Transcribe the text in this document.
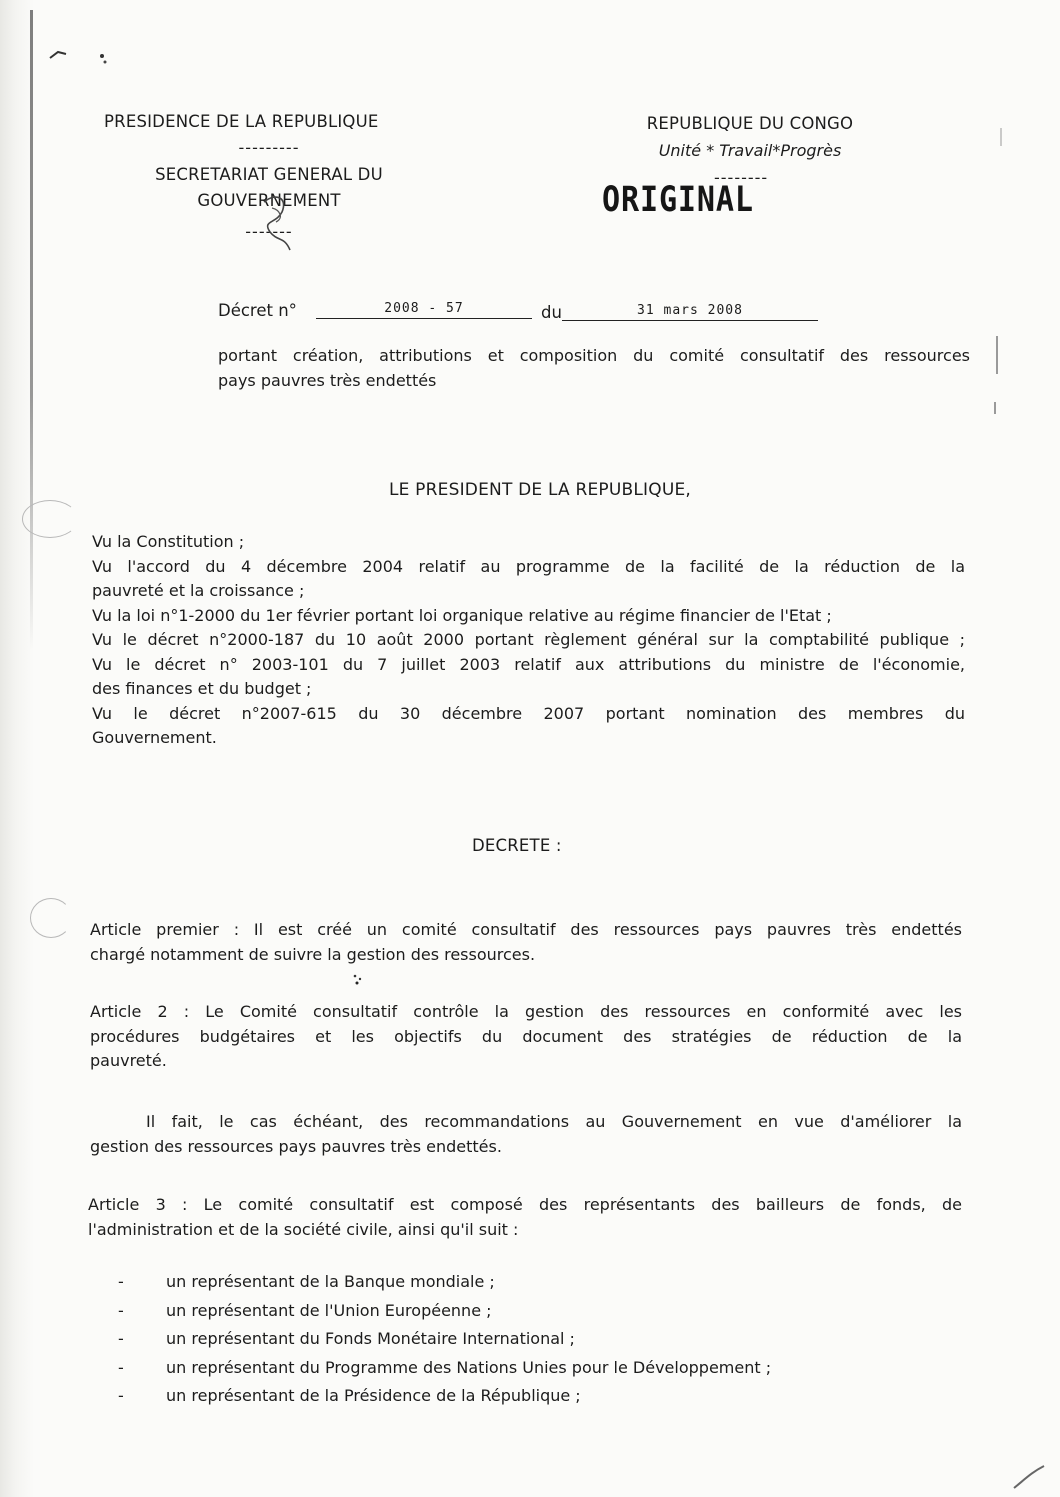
PRESIDENCE DE LA REPUBLIQUE
---------
SECRETARIAT GENERAL DU
GOUVERNEMENT
-------
REPUBLIQUE DU CONGO
Unité * Travail*Progrès
--------
ORIGINAL
Décret n°	2008 - 57	du	31 mars 2008
portant création, attributions et composition du comité consultatif des ressources
pays pauvres très endettés
LE PRESIDENT DE LA REPUBLIQUE,
Vu la Constitution ;
Vu l'accord du 4 décembre 2004 relatif au programme de la facilité de la réduction de la
pauvreté et la croissance ;
Vu la loi n°1-2000 du 1er février portant loi organique relative au régime financier de l'Etat ;
Vu le décret n°2000-187 du 10 août 2000 portant règlement général sur la comptabilité publique ;
Vu le décret n° 2003-101 du 7 juillet 2003 relatif aux attributions du ministre de l'économie,
des finances et du budget ;
Vu le décret n°2007-615 du 30 décembre 2007 portant nomination des membres du
Gouvernement.
DECRETE :
Article premier : Il est créé un comité consultatif des ressources pays pauvres très endettés
chargé notamment de suivre la gestion des ressources.
Article 2 : Le Comité consultatif contrôle la gestion des ressources en conformité avec les
procédures budgétaires et les objectifs du document des stratégies de réduction de la
pauvreté.
Il fait, le cas échéant, des recommandations au Gouvernement en vue d'améliorer la
gestion des ressources pays pauvres très endettés.
Article 3 : Le comité consultatif est composé des représentants des bailleurs de fonds, de
l'administration et de la société civile, ainsi qu'il suit :
-	un représentant de la Banque mondiale ;
-	un représentant de l'Union Européenne ;
-	un représentant du Fonds Monétaire International ;
-	un représentant du Programme des Nations Unies pour le Développement ;
-	un représentant de la Présidence de la République ;
